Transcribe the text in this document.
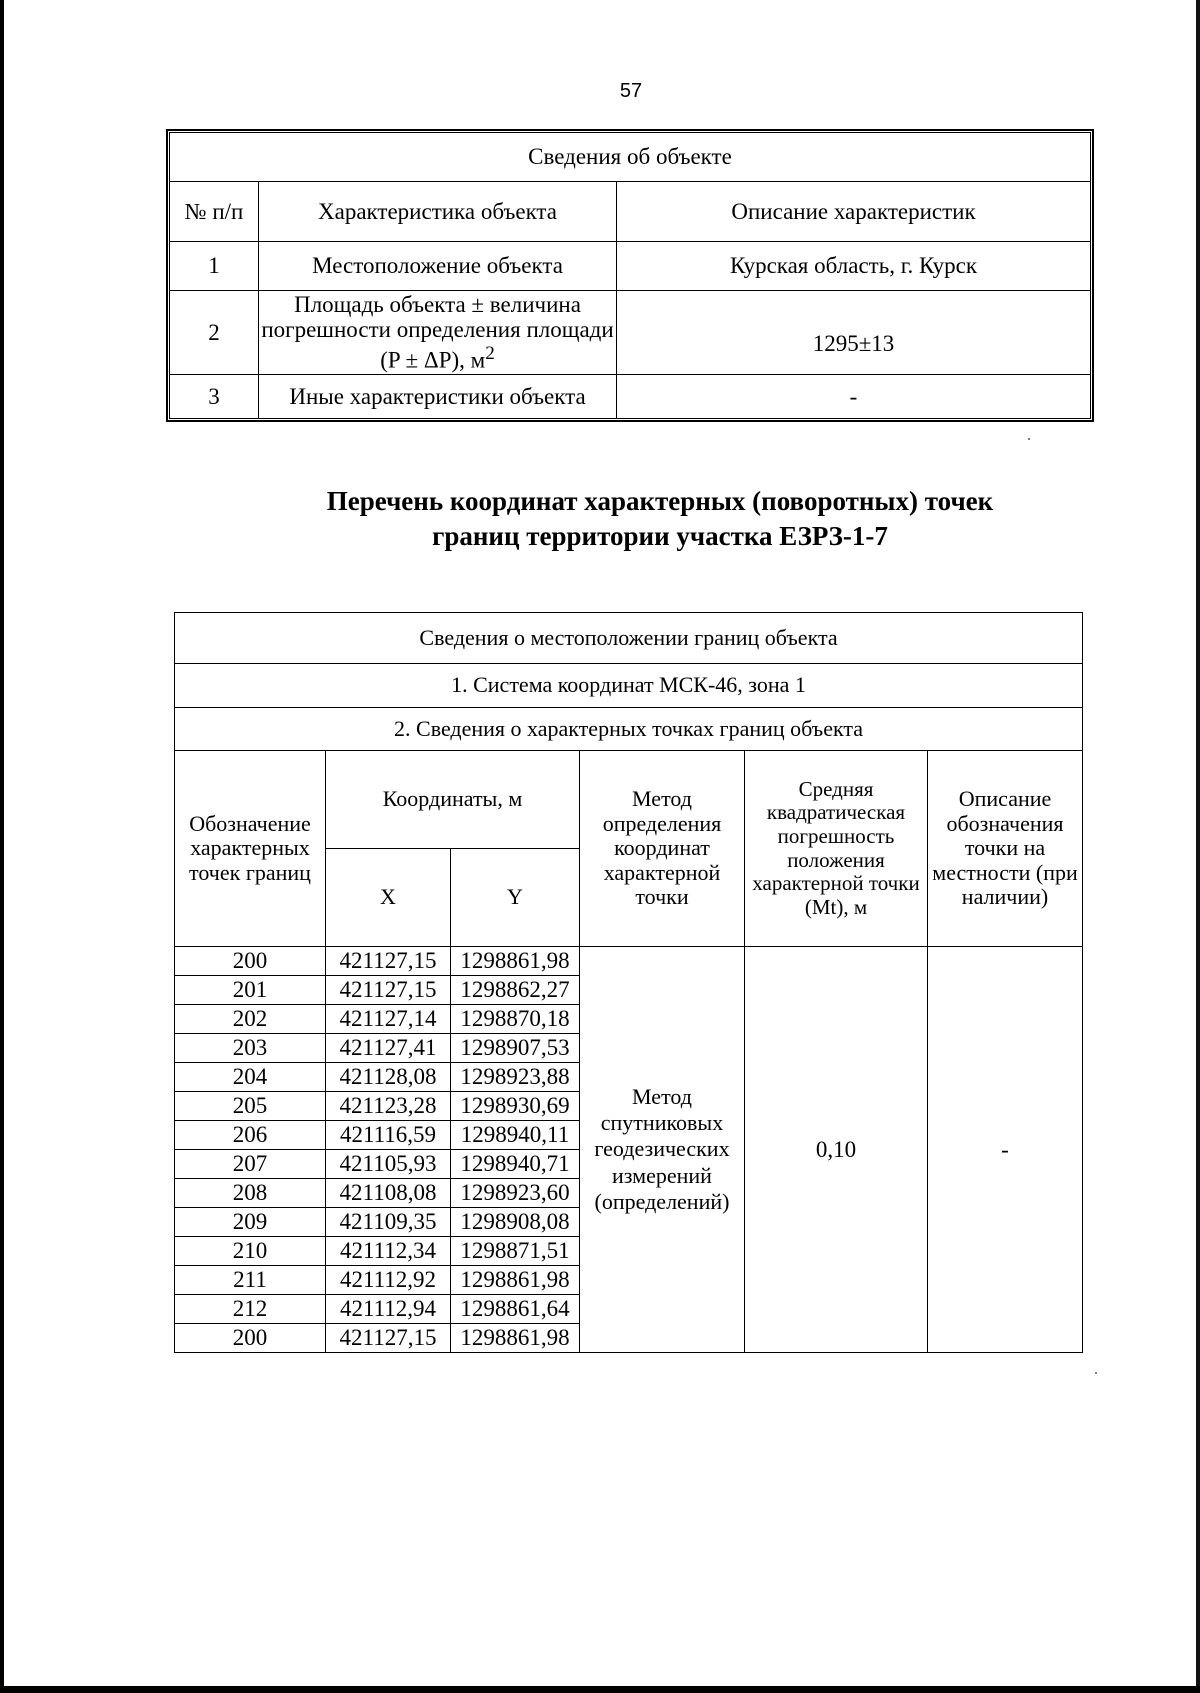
57
Сведения об объекте		
№ п/п	Характеристика объекта	Описание характеристик
1	Местоположение объекта	Курская область, г. Курск
2	Площадь объекта ± величина погрешности определения площади (P ± ΔP), $м^2$	1295±13
3	Иные характеристики объекта	-
Перечень координат характерных (поворотных) точек
границ территории участка ЕЗРЗ-1-7
Сведения о местоположении границ объекта					
1. Система координат МСК-46, зона 1					
2. Сведения о характерных точках границ объекта					
Обозначение характерных точек границ	Координаты, м		Метод определения координат характерной точки	Средняя квадратическая погрешность положения характерной точки (Mt), м	Описание обозначения точки на местности (при наличии)
	X	Y			
200	421127,15	1298861,98	Метод спутниковых геодезических измерений (определений)	0,10	-
201	421127,15	1298862,27			
202	421127,14	1298870,18			
203	421127,41	1298907,53			
204	421128,08	1298923,88			
205	421123,28	1298930,69			
206	421116,59	1298940,11			
207	421105,93	1298940,71			
208	421108,08	1298923,60			
209	421109,35	1298908,08			
210	421112,34	1298871,51			
211	421112,92	1298861,98			
212	421112,94	1298861,64			
200	421127,15	1298861,98			
